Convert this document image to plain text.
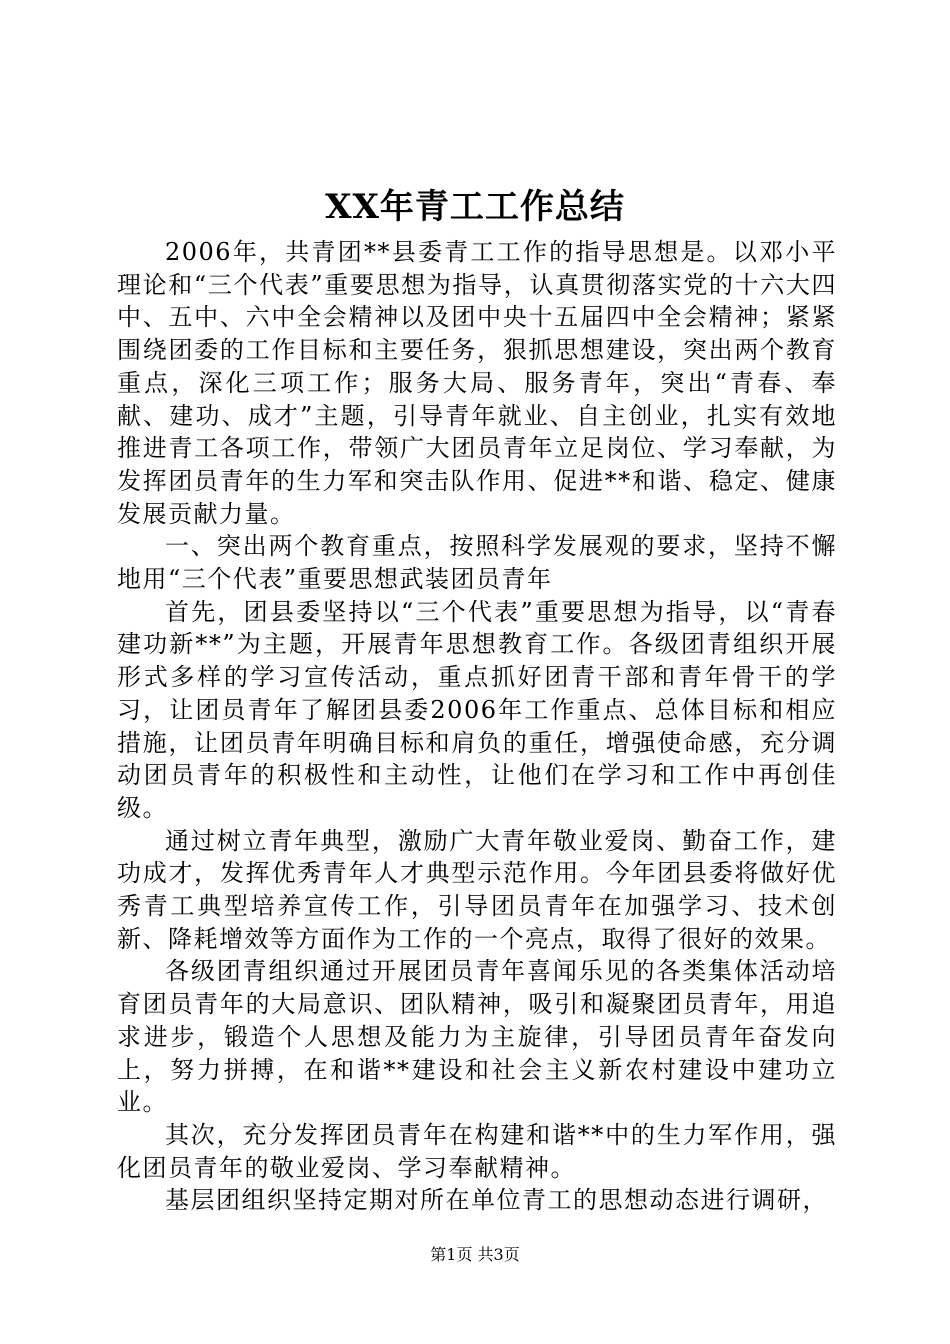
XX年青工工作总结

2006年，共青团**县委青工工作的指导思想是。以邓小平理论和“三个代表”重要思想为指导，认真贯彻落实党的十六大四中、五中、六中全会精神以及团中央十五届四中全会精神；紧紧围绕团委的工作目标和主要任务，狠抓思想建设，突出两个教育重点，深化三项工作；服务大局、服务青年，突出“青春、奉献、建功、成才”主题，引导青年就业、自主创业，扎实有效地推进青工各项工作，带领广大团员青年立足岗位、学习奉献，为发挥团员青年的生力军和突击队作用、促进**和谐、稳定、健康发展贡献力量。

一、突出两个教育重点，按照科学发展观的要求，坚持不懈地用“三个代表”重要思想武装团员青年

首先，团县委坚持以“三个代表”重要思想为指导，以“青春建功新**”为主题，开展青年思想教育工作。各级团青组织开展形式多样的学习宣传活动，重点抓好团青干部和青年骨干的学习，让团员青年了解团县委2006年工作重点、总体目标和相应措施，让团员青年明确目标和肩负的重任，增强使命感，充分调动团员青年的积极性和主动性，让他们在学习和工作中再创佳级。

通过树立青年典型，激励广大青年敬业爱岗、勤奋工作，建功成才，发挥优秀青年人才典型示范作用。今年团县委将做好优秀青工典型培养宣传工作，引导团员青年在加强学习、技术创新、降耗增效等方面作为工作的一个亮点，取得了很好的效果。

各级团青组织通过开展团员青年喜闻乐见的各类集体活动培育团员青年的大局意识、团队精神，吸引和凝聚团员青年，用追求进步，锻造个人思想及能力为主旋律，引导团员青年奋发向上，努力拼搏，在和谐**建设和社会主义新农村建设中建功立业。

其次，充分发挥团员青年在构建和谐**中的生力军作用，强化团员青年的敬业爱岗、学习奉献精神。

基层团组织坚持定期对所在单位青工的思想动态进行调研，

第1页 共3页
